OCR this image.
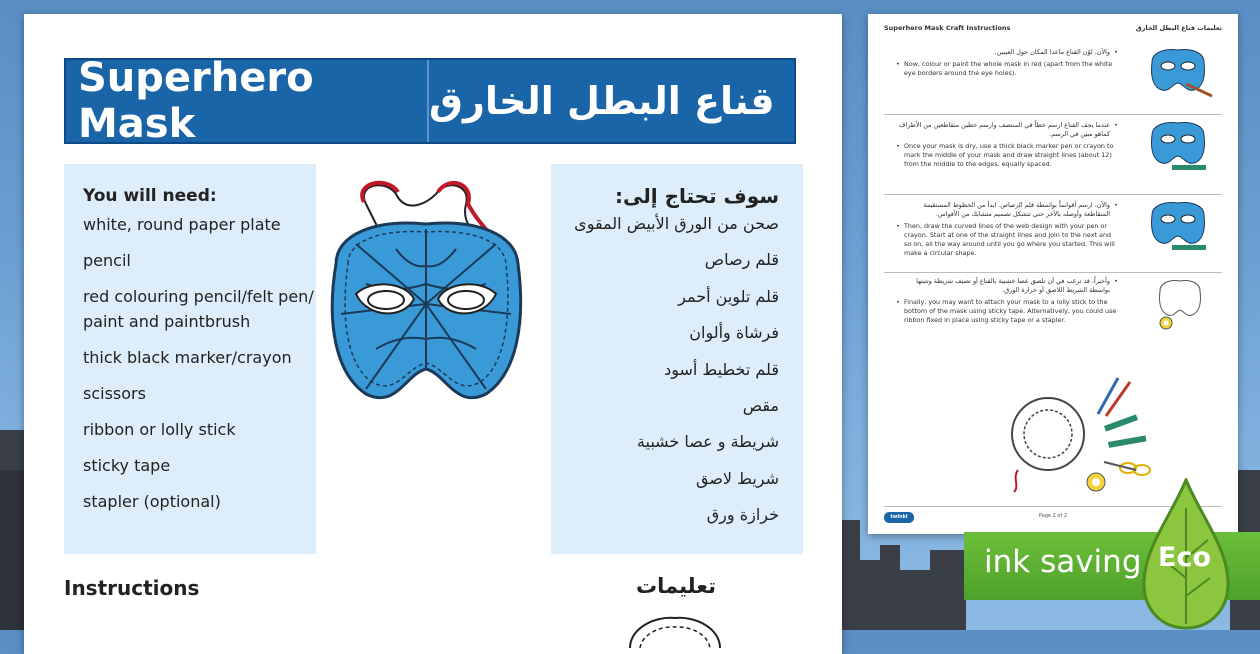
Superhero Mask	قناع البطل الخارق
You will need:
white, round paper plate
pencil
red colouring pencil/felt pen/ paint and paintbrush
thick black marker/crayon
scissors
ribbon or lolly stick
sticky tape
stapler (optional)
سوف تحتاج إلى:
صحن من الورق الأبيض المقوى
قلم رصاص
قلم تلوين أحمر
فرشاة وألوان
قلم تخطيط أسود
مقص
شريطة و عصا خشبية
شريط لاصق
خرازة ورق
Instructions	تعليمات
Superhero Mask Craft Instructions	تعليمات قناع البطل الخارق

• والآن، لوّن القناع ماعدا المكان حول العينين.

• Now, colour or paint the whole mask in red (apart from the white eye borders around the eye holes).

• عندما يجف القناع ارسم خطاً في المنتصف وارسم خطين متقاطعين من الأطراف كماهو مبين في الرسم.

• Once your mask is dry, use a thick black marker pen or crayon to mark the middle of your mask and draw straight lines (about 12) from the middle to the edges, equally spaced.

• والآن، ارسم أقواساً بواسطة قلم الرصاص. ابدأ من الخطوط المستقيمة المتقاطعة وأوصله بالآخر حتى تتشكل تصميم متشابك من الأقواس.

• Then, draw the curved lines of the web design with your pen or crayon. Start at one of the straight lines and join to the next and so on, all the way around until you go where you started. This will make a circular shape.

• وأخيراً، قد ترغب في أن تلصق عصا خشبية بالقناع أو تصيف شريطة وتثبتها بواسطة الشريط اللاصق أو خرازة الورق.

• Finally, you may want to attach your mask to a lolly stick to the bottom of the mask using sticky tape. Alternatively, you could use ribbon fixed in place using sticky tape or a stapler.

twinkl	Page 2 of 2
ink saving Eco
